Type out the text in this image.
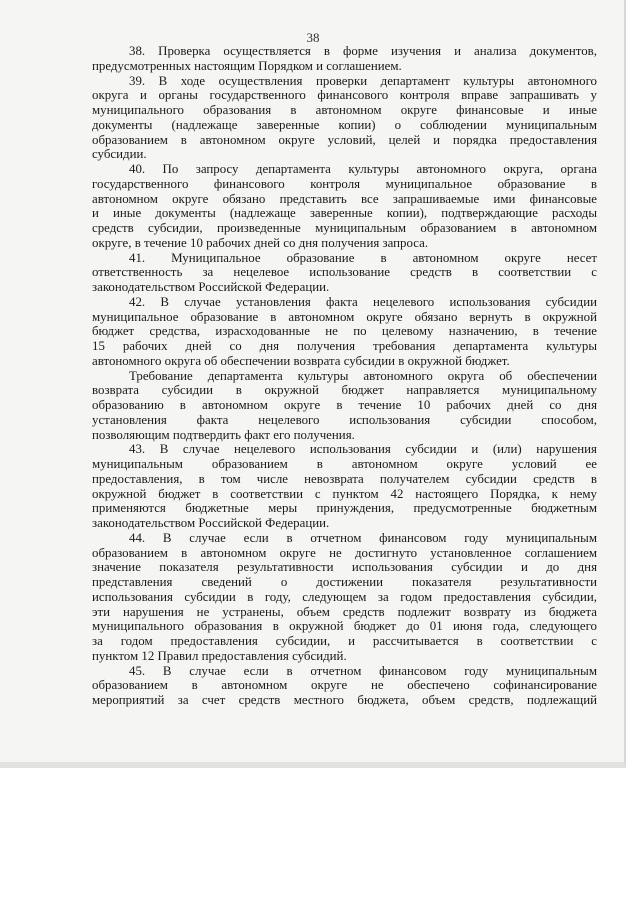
38
38. Проверка осуществляется в форме изучения и анализа документов,
предусмотренных настоящим Порядком и соглашением.
39. В ходе осуществления проверки департамент культуры автономного
округа и органы государственного финансового контроля вправе запрашивать у
муниципального образования в автономном округе финансовые и иные
документы (надлежаще заверенные копии) о соблюдении муниципальным
образованием в автономном округе условий, целей и порядка предоставления
субсидии.
40. По запросу департамента культуры автономного округа, органа
государственного финансового контроля муниципальное образование в
автономном округе обязано представить все запрашиваемые ими финансовые
и иные документы (надлежаще заверенные копии), подтверждающие расходы
средств субсидии, произведенные муниципальным образованием в автономном
округе, в течение 10 рабочих дней со дня получения запроса.
41. Муниципальное образование в автономном округе несет
ответственность за нецелевое использование средств в соответствии с
законодательством Российской Федерации.
42. В случае установления факта нецелевого использования субсидии
муниципальное образование в автономном округе обязано вернуть в окружной
бюджет средства, израсходованные не по целевому назначению, в течение
15 рабочих дней со дня получения требования департамента культуры
автономного округа об обеспечении возврата субсидии в окружной бюджет.
Требование департамента культуры автономного округа об обеспечении
возврата субсидии в окружной бюджет направляется муниципальному
образованию в автономном округе в течение 10 рабочих дней со дня
установления факта нецелевого использования субсидии способом,
позволяющим подтвердить факт его получения.
43. В случае нецелевого использования субсидии и (или) нарушения
муниципальным образованием в автономном округе условий ее
предоставления, в том числе невозврата получателем субсидии средств в
окружной бюджет в соответствии с пунктом 42 настоящего Порядка, к нему
применяются бюджетные меры принуждения, предусмотренные бюджетным
законодательством Российской Федерации.
44. В случае если в отчетном финансовом году муниципальным
образованием в автономном округе не достигнуто установленное соглашением
значение показателя результативности использования субсидии и до дня
представления сведений о достижении показателя результативности
использования субсидии в году, следующем за годом предоставления субсидии,
эти нарушения не устранены, объем средств подлежит возврату из бюджета
муниципального образования в окружной бюджет до 01 июня года, следующего
за годом предоставления субсидии, и рассчитывается в соответствии с
пунктом 12 Правил предоставления субсидий.
45. В случае если в отчетном финансовом году муниципальным
образованием в автономном округе не обеспечено софинансирование
мероприятий за счет средств местного бюджета, объем средств, подлежащий
